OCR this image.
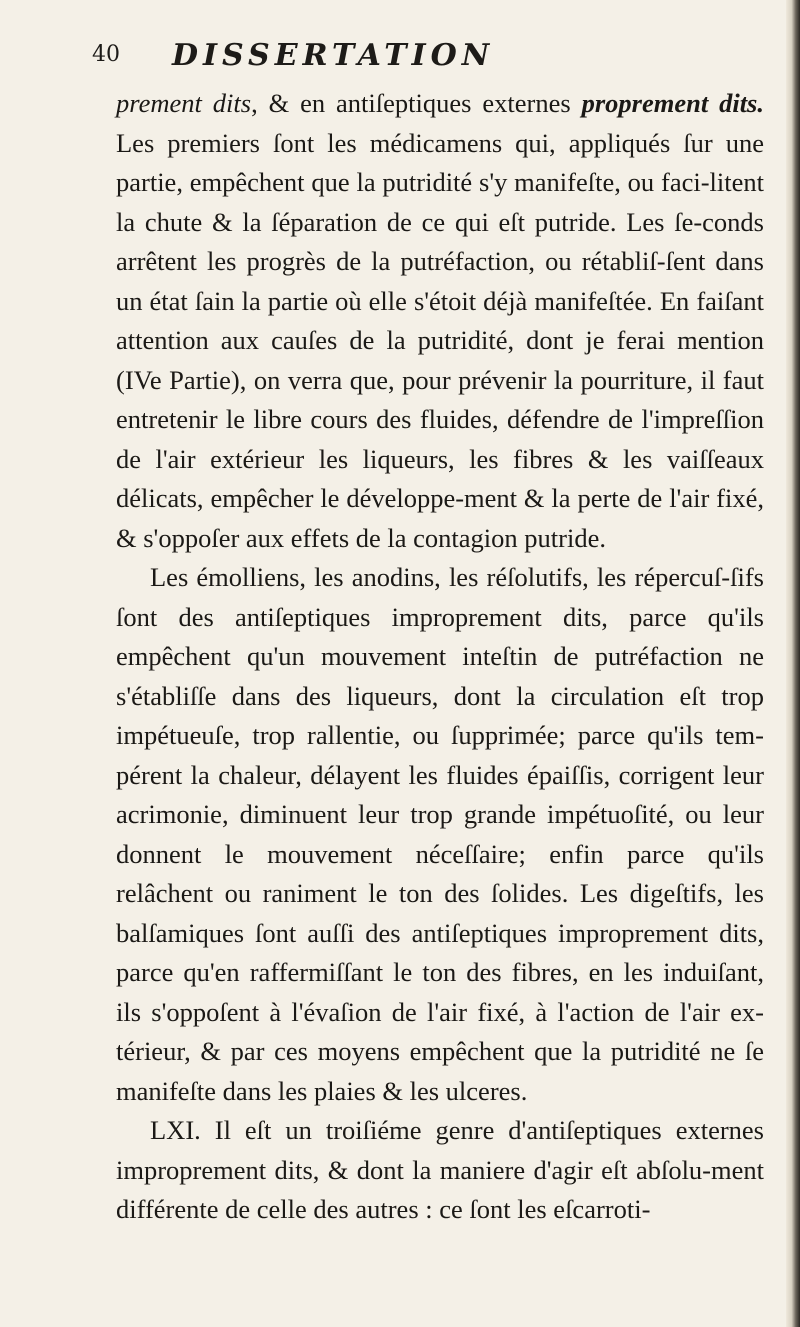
40 DISSERTATION

prement dits, & en antiſeptiques externes proprement dits. Les premiers ſont les médicamens qui, appliqués ſur une partie, empêchent que la putridité s'y manifeſte, ou faci-litent la chute & la ſéparation de ce qui eſt putride. Les ſe-conds arrêtent les progrès de la putréfaction, ou rétabliſ-ſent dans un état ſain la partie où elle s'étoit déjà manifeſtée. En faiſant attention aux cauſes de la putridité, dont je ferai mention (IVe Partie), on verra que, pour prévenir la pourriture, il faut entretenir le libre cours des fluides, défendre de l'impreſſion de l'air extérieur les liqueurs, les fibres & les vaiſſeaux délicats, empêcher le développe-ment & la perte de l'air fixé, & s'oppoſer aux effets de la contagion putride.

Les émolliens, les anodins, les réſolutifs, les répercuſ-ſifs ſont des antiſeptiques improprement dits, parce qu'ils empêchent qu'un mouvement inteſtin de putréfaction ne s'établiſſe dans des liqueurs, dont la circulation eſt trop impétueuſe, trop rallentie, ou ſupprimée; parce qu'ils tem-pérent la chaleur, délayent les fluides épaiſſis, corrigent leur acrimonie, diminuent leur trop grande impétuoſité, ou leur donnent le mouvement néceſſaire; enfin parce qu'ils relâchent ou raniment le ton des ſolides. Les digeſtifs, les balſamiques ſont auſſi des antiſeptiques improprement dits, parce qu'en raffermiſſant le ton des fibres, en les induiſant, ils s'oppoſent à l'évaſion de l'air fixé, à l'action de l'air ex-térieur, & par ces moyens empêchent que la putridité ne ſe manifeſte dans les plaies & les ulceres.

LXI. Il eſt un troiſiéme genre d'antiſeptiques externes improprement dits, & dont la maniere d'agir eſt abſolu-ment différente de celle des autres : ce ſont les eſcarroti-
